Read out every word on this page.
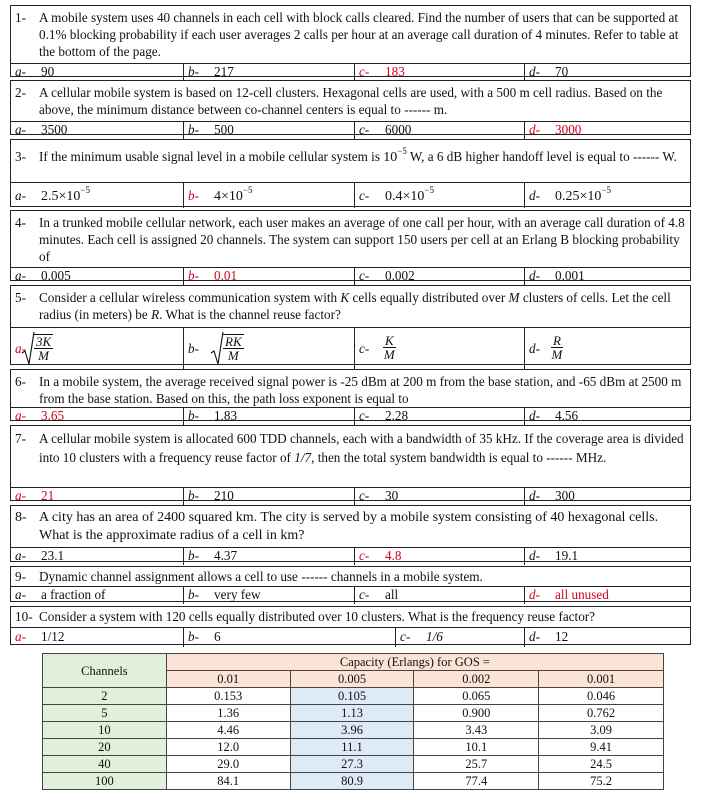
1- A mobile system uses 40 channels in each cell with block calls cleared. Find the number of users that can be supported at 0.1% blocking probability if each user averages 2 calls per hour at an average call duration of 4 minutes. Refer to table at the bottom of the page.
a- 90	b- 217	c- 183	d- 70
2- A cellular mobile system is based on 12-cell clusters. Hexagonal cells are used, with a 500 m cell radius. Based on the above, the minimum distance between co-channel centers is equal to ------ m.
a- 3500	b- 500	c- 6000	d- 3000
3- If the minimum usable signal level in a mobile cellular system is $10^{-5}$ W, a 6 dB higher handoff level is equal to ------ W.
a- $2.5\times 10^{-5}$	b- $4\times 10^{-5}$	c- $0.4\times 10^{-5}$	d- $0.25\times 10^{-5}$
4- In a trunked mobile cellular network, each user makes an average of one call per hour, with an average call duration of 4.8 minutes. Each cell is assigned 20 channels. The system can support 150 users per cell at an Erlang B blocking probability of
a- 0.005	b- 0.01	c- 0.002	d- 0.001
5- Consider a cellular wireless communication system with K cells equally distributed over M clusters of cells. Let the cell radius (in meters) be R. What is the channel reuse factor?
$a- \frac{3K}{M}$	$b- \frac{RK}{M}$	$c- \frac{K}{M}$	$d- \frac{R}{M}$
6- In a mobile system, the average received signal power is -25 dBm at 200 m from the base station, and -65 dBm at 2500 m from the base station. Based on this, the path loss exponent is equal to
a- 3.65	b- 1.83	c- 2.28	d- 4.56
7- A cellular mobile system is allocated 600 TDD channels, each with a bandwidth of 35 kHz. If the coverage area is divided into 10 clusters with a frequency reuse factor of 1/7, then the total system bandwidth is equal to ------ MHz.
a- 21	b- 210	c- 30	d- 300
8- A city has an area of 2400 squared km. The city is served by a mobile system consisting of 40 hexagonal cells. What is the approximate radius of a cell in km?
a- 23.1	b- 4.37	c- 4.8	d- 19.1
9- Dynamic channel assignment allows a cell to use ------ channels in a mobile system.
a- a fraction of	b- very few	c- all	d- all unused
10- Consider a system with 120 cells equally distributed over 10 clusters. What is the frequency reuse factor?
a- 1/12	b- 6	c- 1/6	d- 12
Channels	Capacity (Erlangs) for GOS =			
	0.01	0.005	0.002	0.001
2	0.153	0.105	0.065	0.046
5	1.36	1.13	0.900	0.762
10	4.46	3.96	3.43	3.09
20	12.0	11.1	10.1	9.41
40	29.0	27.3	25.7	24.5
100	84.1	80.9	77.4	75.2
